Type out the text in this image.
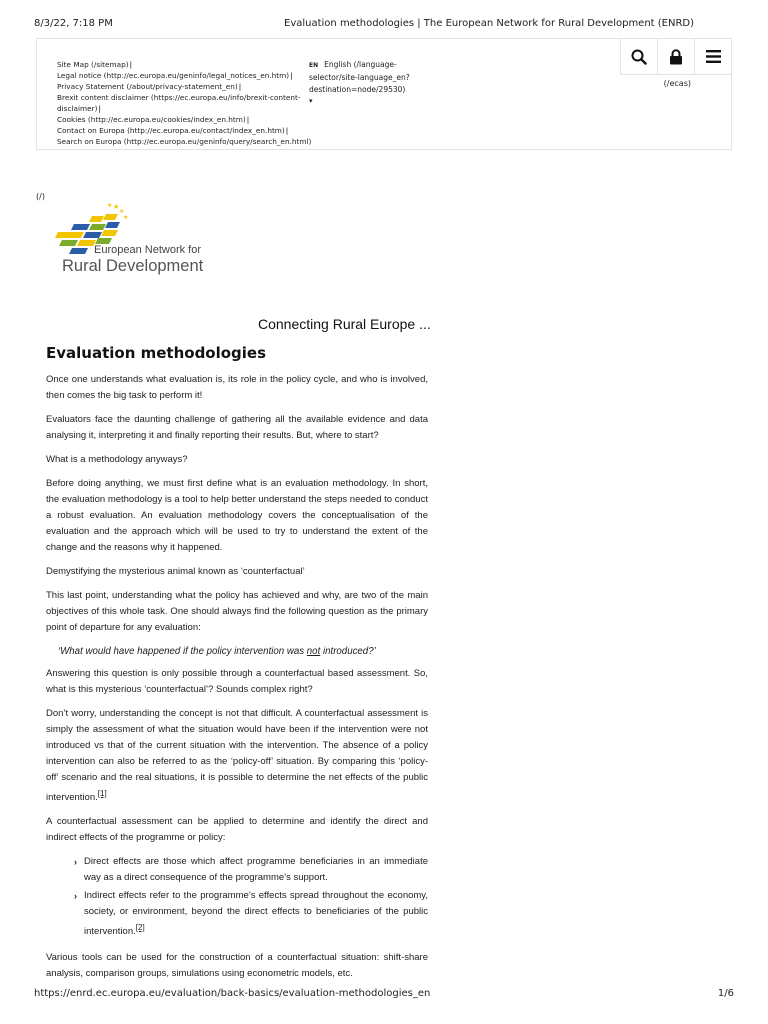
8/3/22, 7:18 PM	Evaluation methodologies | The European Network for Rural Development (ENRD)
Site Map (/sitemap)|
Legal notice (http://ec.europa.eu/geninfo/legal_notices_en.htm)|
Privacy Statement (/about/privacy-statement_en)|
Brexit content disclaimer (https://ec.europa.eu/info/brexit-content-disclaimer)|
Cookies (http://ec.europa.eu/cookies/index_en.htm)|
Contact on Europa (http://ec.europa.eu/contact/index_en.htm)|
Search on Europa (http://ec.europa.eu/geninfo/query/search_en.html)
EN English (/language-selector/site-language_en?destination=node/29530)
▾
(/ecas)
(/)
★
★
★
★
European Network for
Rural Development
Connecting Rural Europe ...
Evaluation methodologies

Once one understands what evaluation is, its role in the policy cycle, and who is involved, then comes the big task to perform it!

Evaluators face the daunting challenge of gathering all the available evidence and data analysing it, interpreting it and finally reporting their results. But, where to start?

What is a methodology anyways?

Before doing anything, we must first define what is an evaluation methodology. In short, the evaluation methodology is a tool to help better understand the steps needed to conduct a robust evaluation. An evaluation methodology covers the conceptualisation of the evaluation and the approach which will be used to try to understand the extent of the change and the reasons why it happened.

Demystifying the mysterious animal known as ‘counterfactual’

This last point, understanding what the policy has achieved and why, are two of the main objectives of this whole task. One should always find the following question as the primary point of departure for any evaluation:

‘What would have happened if the policy intervention was not introduced?’

Answering this question is only possible through a counterfactual based assessment. So, what is this mysterious ‘counterfactual’? Sounds complex right?

Don’t worry, understanding the concept is not that difficult. A counterfactual assessment is simply the assessment of what the situation would have been if the intervention were not introduced vs that of the current situation with the intervention. The absence of a policy intervention can also be referred to as the ‘policy-off’ situation. By comparing this ‘policy-off’ scenario and the real situations, it is possible to determine the net effects of the public intervention.[1]

A counterfactual assessment can be applied to determine and identify the direct and indirect effects of the programme or policy:

› Direct effects are those which affect programme beneficiaries in an immediate way as a direct consequence of the programme’s support.
› Indirect effects refer to the programme’s effects spread throughout the economy, society, or environment, beyond the direct effects to beneficiaries of the public intervention.[2]

Various tools can be used for the construction of a counterfactual situation: shift-share analysis, comparison groups, simulations using econometric models, etc.

https://enrd.ec.europa.eu/evaluation/back-basics/evaluation-methodologies_en	1/6
